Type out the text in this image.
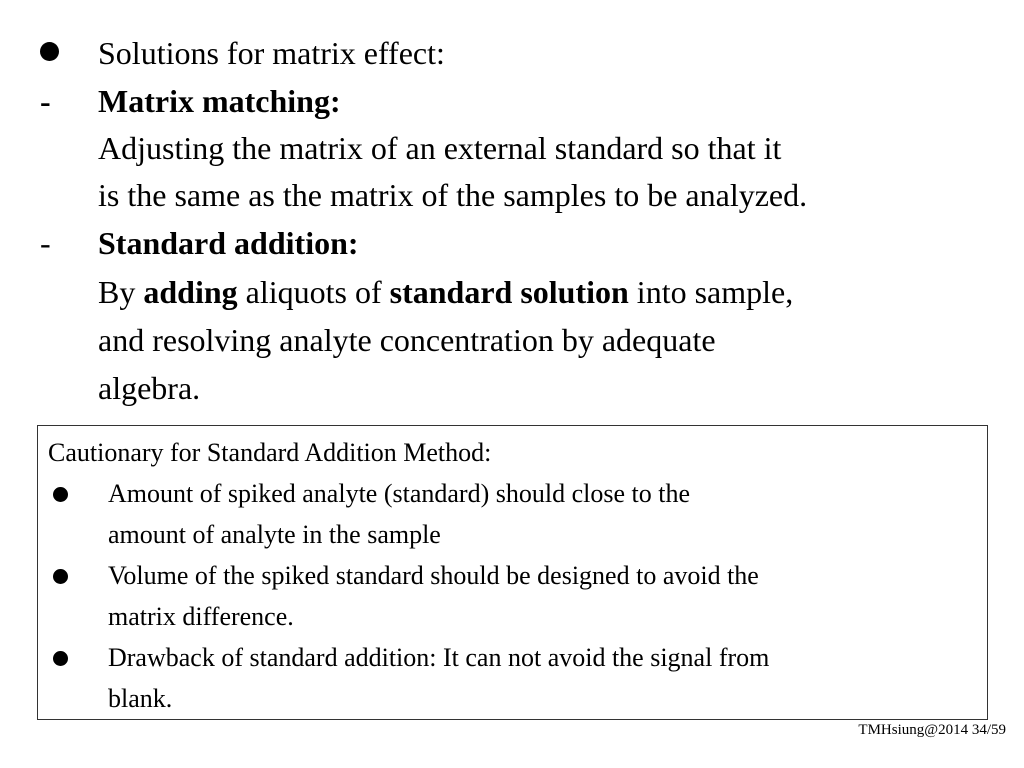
Solutions for matrix effect:
- Matrix matching:
Adjusting the matrix of an external standard so that it
is the same as the matrix of the samples to be analyzed.
- Standard addition:
By adding aliquots of standard solution into sample,
and resolving analyte concentration by adequate
algebra.
Cautionary for Standard Addition Method:
Amount of spiked analyte (standard) should close to the
amount of analyte in the sample
Volume of the spiked standard should be designed to avoid the
matrix difference.
Drawback of standard addition: It can not avoid the signal from
blank.
TMHsiung@2014 34/59
